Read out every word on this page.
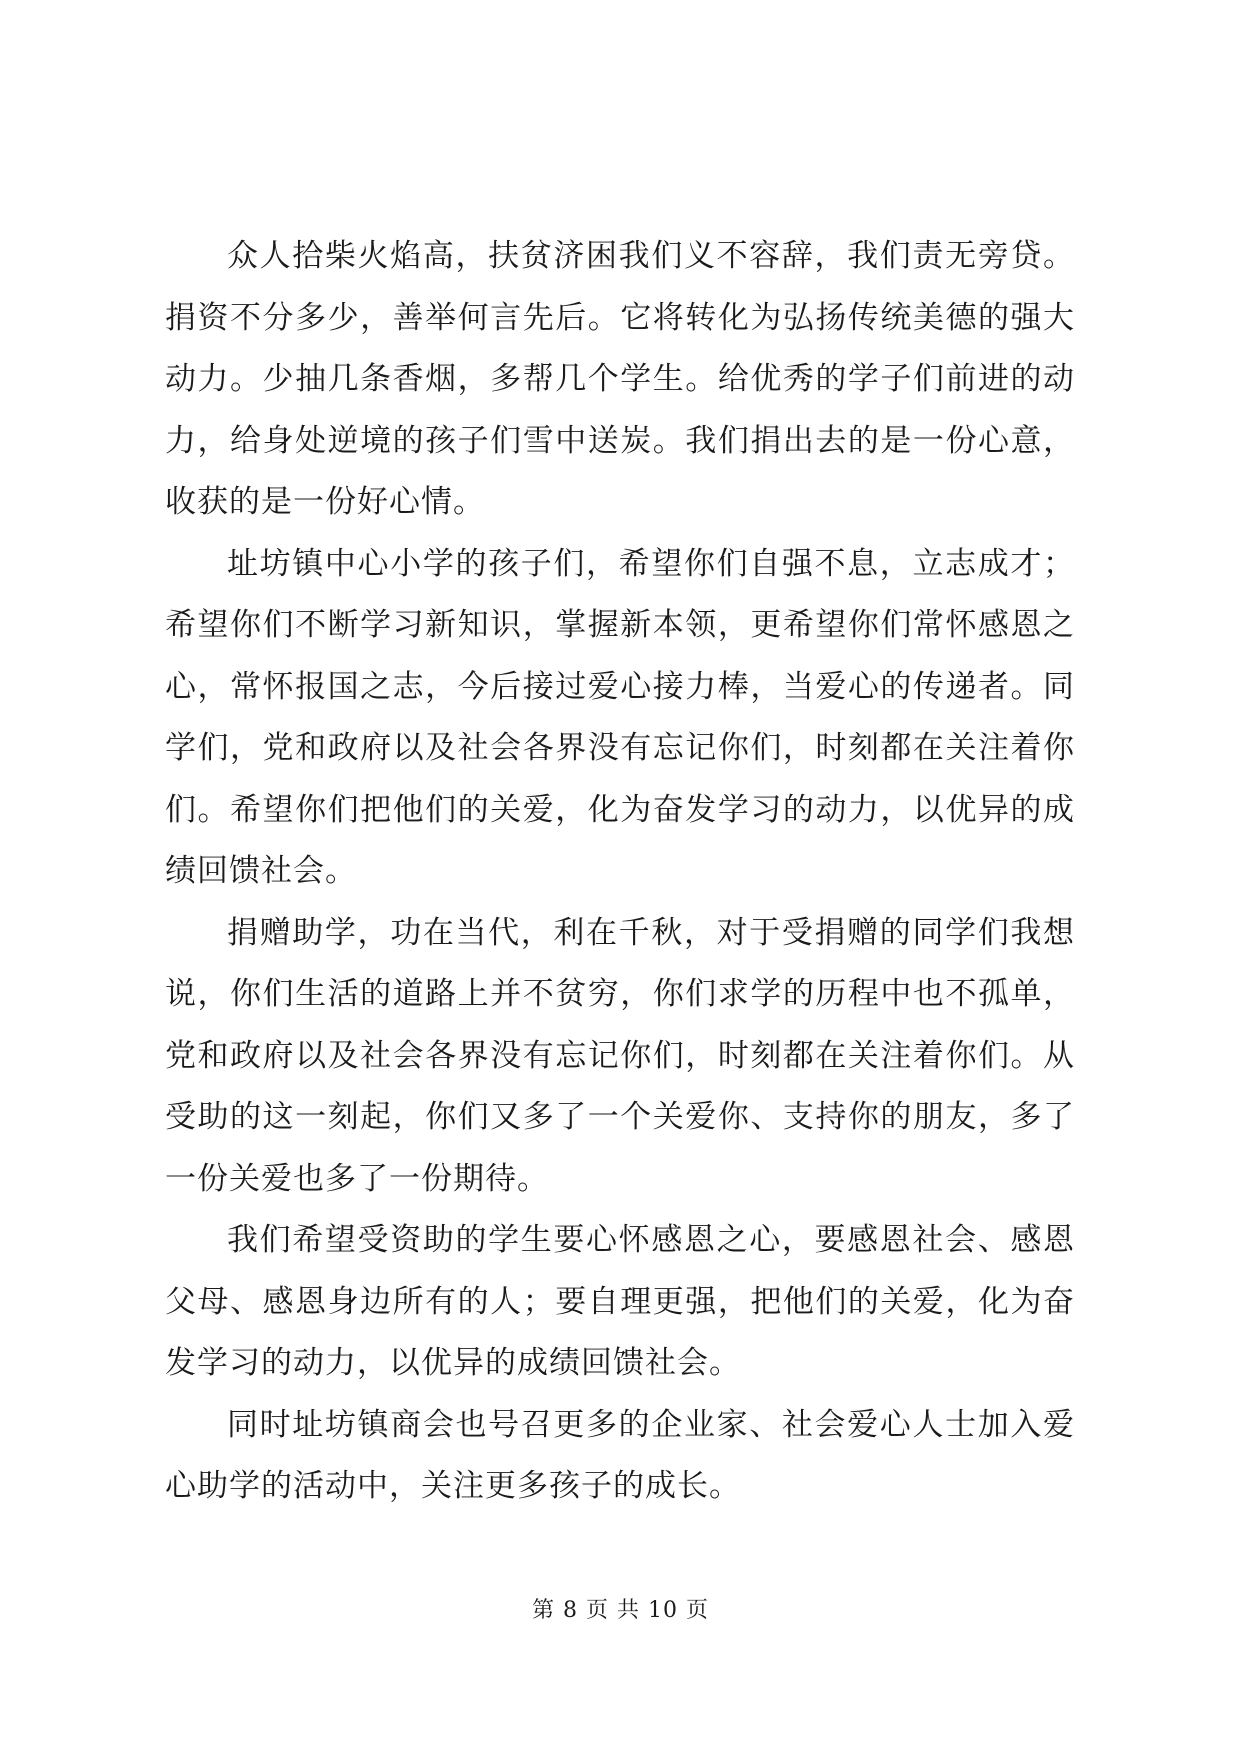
众人拾柴火焰高，扶贫济困我们义不容辞，我们责无旁贷。捐资不分多少，善举何言先后。它将转化为弘扬传统美德的强大动力。少抽几条香烟，多帮几个学生。给优秀的学子们前进的动力，给身处逆境的孩子们雪中送炭。我们捐出去的是一份心意，收获的是一份好心情。

址坊镇中心小学的孩子们，希望你们自强不息，立志成才；希望你们不断学习新知识，掌握新本领，更希望你们常怀感恩之心，常怀报国之志，今后接过爱心接力棒，当爱心的传递者。同学们，党和政府以及社会各界没有忘记你们，时刻都在关注着你们。希望你们把他们的关爱，化为奋发学习的动力，以优异的成绩回馈社会。

捐赠助学，功在当代，利在千秋，对于受捐赠的同学们我想说，你们生活的道路上并不贫穷，你们求学的历程中也不孤单，党和政府以及社会各界没有忘记你们，时刻都在关注着你们。从受助的这一刻起，你们又多了一个关爱你、支持你的朋友，多了一份关爱也多了一份期待。

我们希望受资助的学生要心怀感恩之心，要感恩社会、感恩父母、感恩身边所有的人；要自理更强，把他们的关爱，化为奋发学习的动力，以优异的成绩回馈社会。

同时址坊镇商会也号召更多的企业家、社会爱心人士加入爱心助学的活动中，关注更多孩子的成长。

第 8 页 共 10 页
